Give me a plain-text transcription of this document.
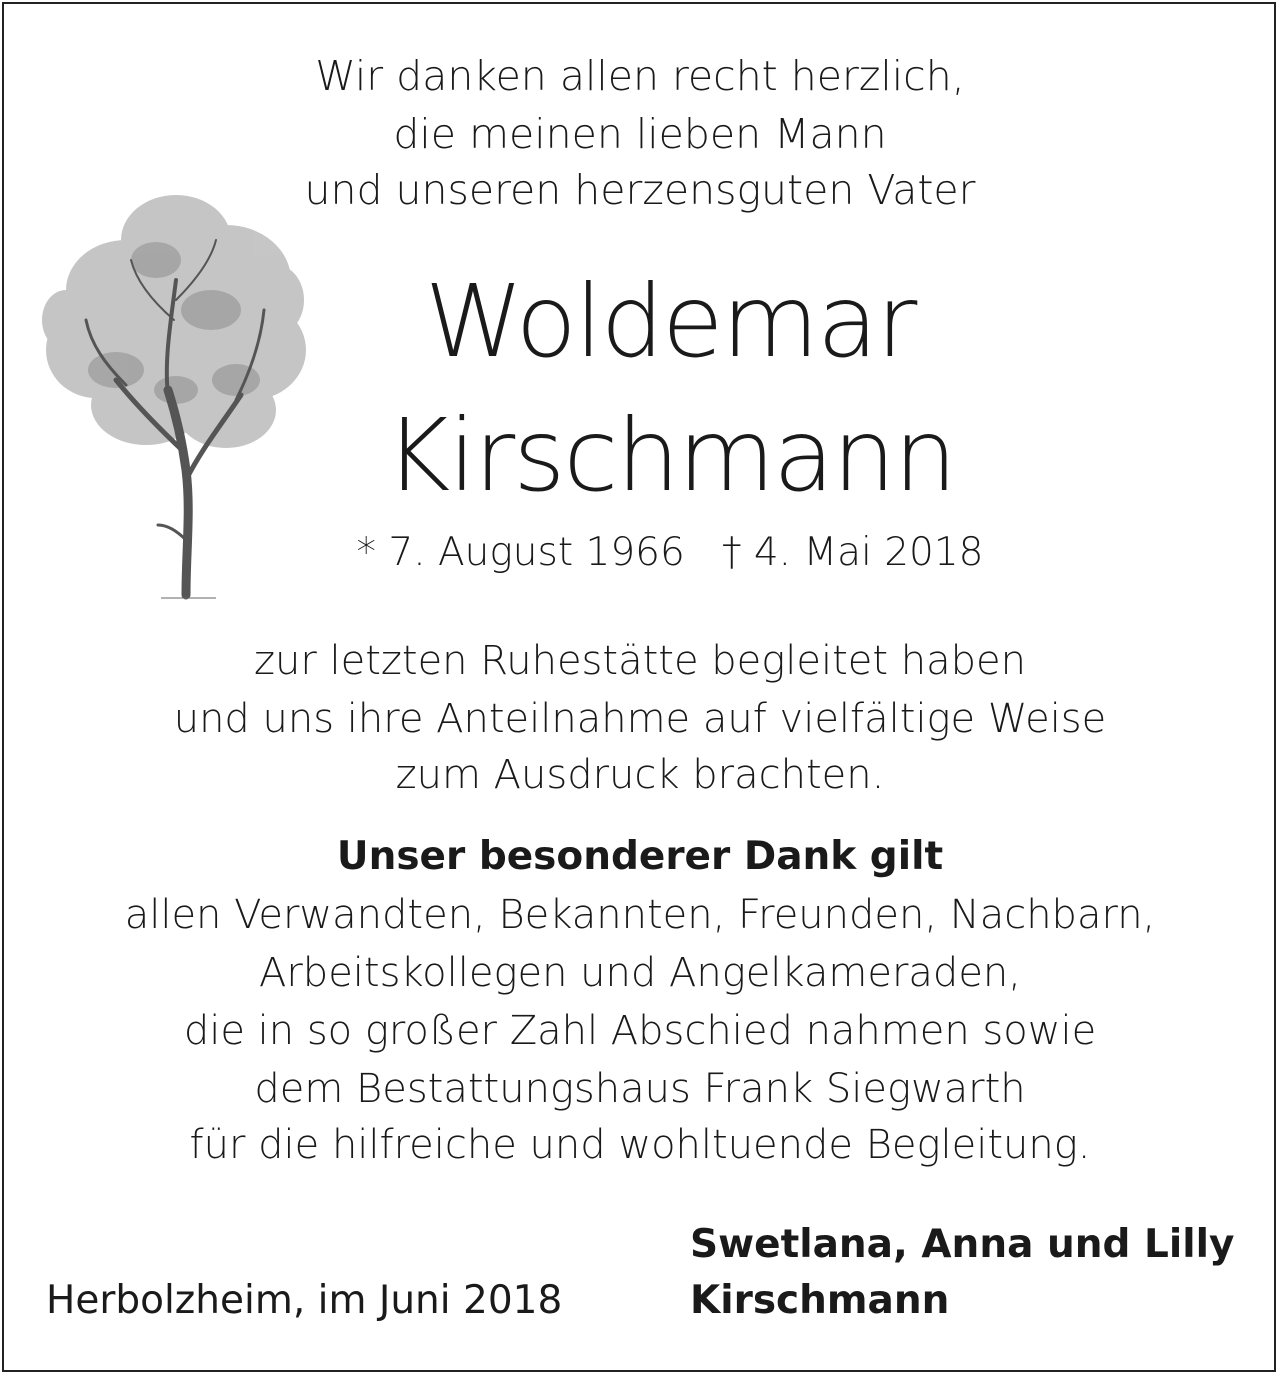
Wir danken allen recht herzlich,
die meinen lieben Mann
und unseren herzensguten Vater
Woldemar
Kirschmann
* 7. August 1966   † 4. Mai 2018
zur letzten Ruhestätte begleitet haben
und uns ihre Anteilnahme auf vielfältige Weise
zum Ausdruck brachten.
Unser besonderer Dank gilt
allen Verwandten, Bekannten, Freunden, Nachbarn,
Arbeitskollegen und Angelkameraden,
die in so großer Zahl Abschied nahmen sowie
dem Bestattungshaus Frank Siegwarth
für die hilfreiche und wohltuende Begleitung.
Herbolzheim, im Juni 2018
Swetlana, Anna und Lilly
Kirschmann
